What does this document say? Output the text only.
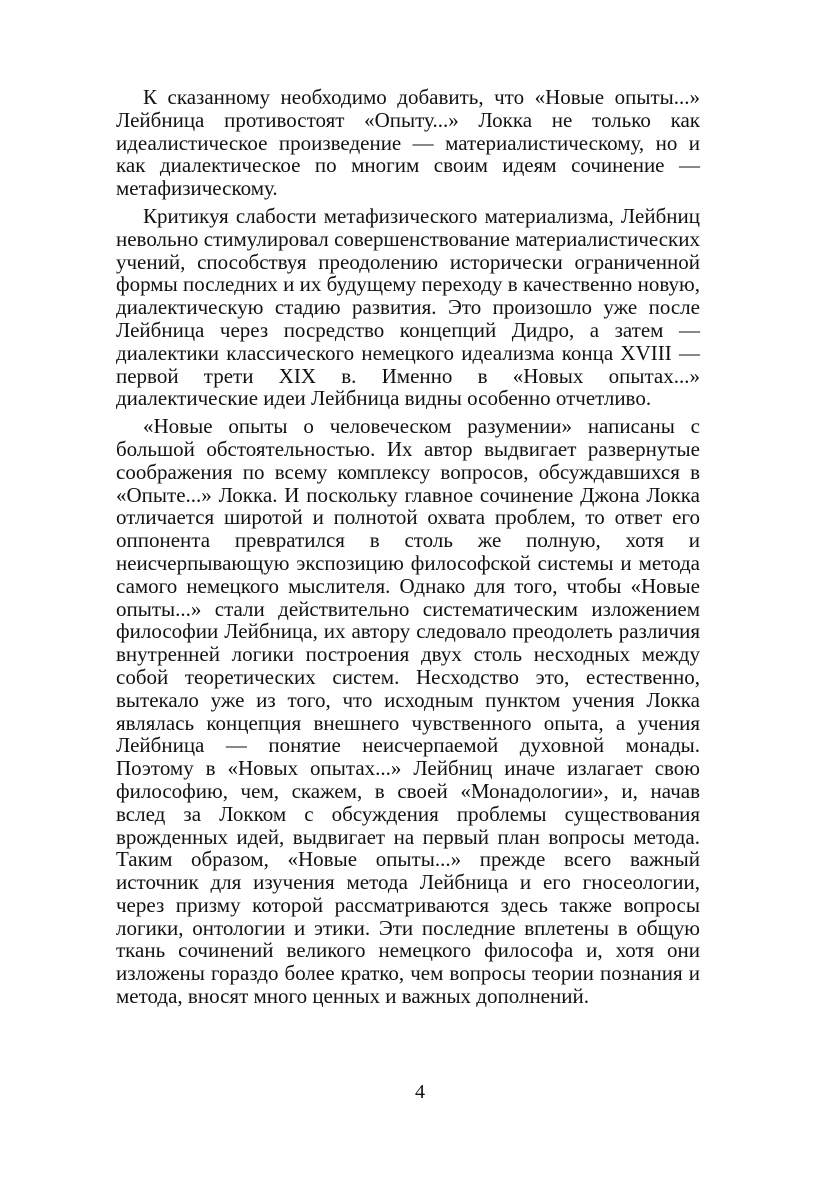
К сказанному необходимо добавить, что «Новые опыты...» Лейбница противостоят «Опыту...» Локка не только как идеалистическое произведение — материалистическому, но и как диалектическое по многим своим идеям сочинение — метафизическому.

Критикуя слабости метафизического материализма, Лейбниц невольно стимулировал совершенствование материалистических учений, способствуя преодолению исторически ограниченной формы последних и их будущему переходу в качественно новую, диалектическую стадию развития. Это произошло уже после Лейбница через посредство концепций Дидро, а затем — диалектики классического немецкого идеализма конца XVIII — первой трети XIX в. Именно в «Новых опытах...» диалектические идеи Лейбница видны особенно отчетливо.

«Новые опыты о человеческом разумении» написаны с большой обстоятельностью. Их автор выдвигает развернутые соображения по всему комплексу вопросов, обсуждавшихся в «Опыте...» Локка. И поскольку главное сочинение Джона Локка отличается широтой и полнотой охвата проблем, то ответ его оппонента превратился в столь же полную, хотя и неисчерпывающую экспозицию философской системы и метода самого немецкого мыслителя. Однако для того, чтобы «Новые опыты...» стали действительно систематическим изложением философии Лейбница, их автору следовало преодолеть различия внутренней логики построения двух столь несходных между собой теоретических систем. Несходство это, естественно, вытекало уже из того, что исходным пунктом учения Локка являлась концепция внешнего чувственного опыта, а учения Лейбница — понятие неисчерпаемой духовной монады. Поэтому в «Новых опытах...» Лейбниц иначе излагает свою философию, чем, скажем, в своей «Монадологии», и, начав вслед за Локком с обсуждения проблемы существования врожденных идей, выдвигает на первый план вопросы метода. Таким образом, «Новые опыты...» прежде всего важный источник для изучения метода Лейбница и его гносеологии, через призму которой рассматриваются здесь также вопросы логики, онтологии и этики. Эти последние вплетены в общую ткань сочинений великого немецкого философа и, хотя они изложены гораздо более кратко, чем вопросы теории познания и метода, вносят много ценных и важных дополнений.

4
